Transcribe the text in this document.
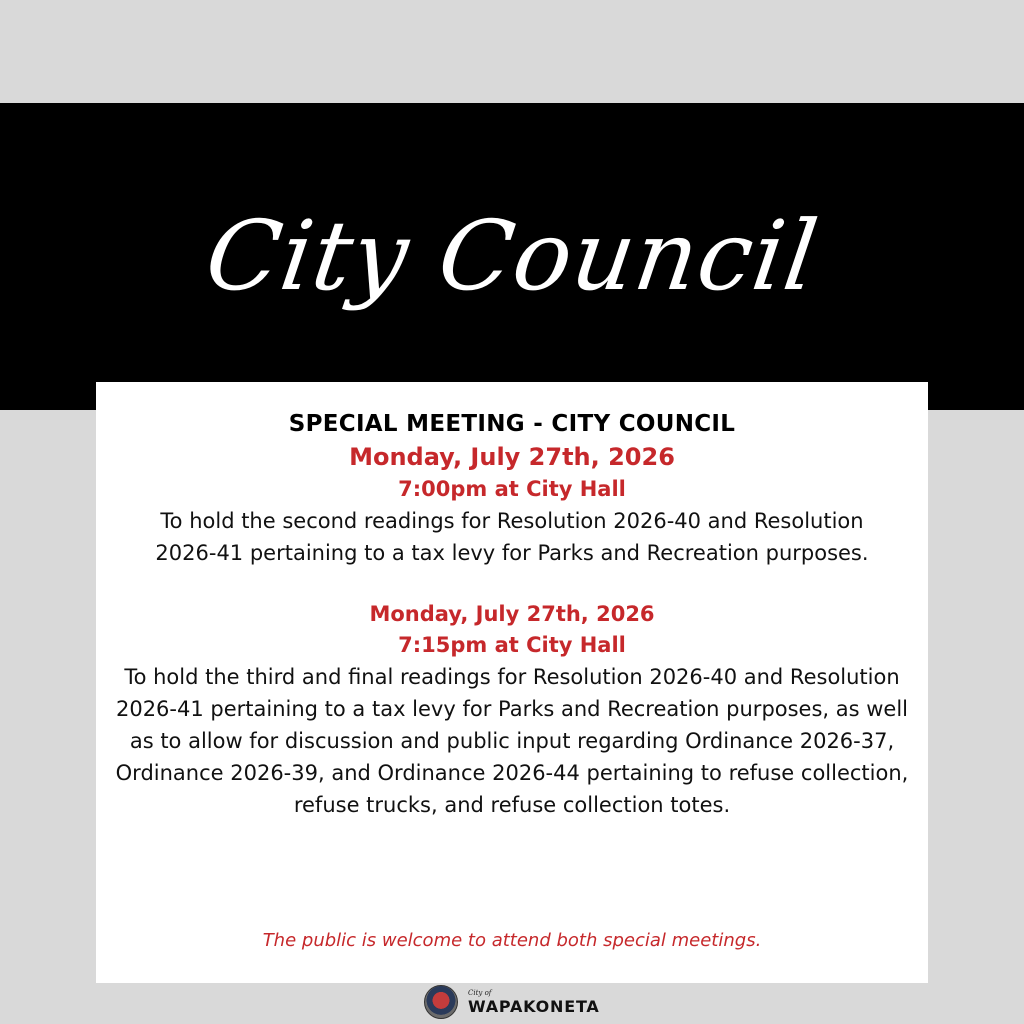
City Council

SPECIAL MEETING - CITY COUNCIL

Monday, July 27th, 2026

7:00pm at City Hall

To hold the second readings for Resolution 2026-40 and Resolution 2026-41 pertaining to a tax levy for Parks and Recreation purposes.

Monday, July 27th, 2026

7:15pm at City Hall

To hold the third and final readings for Resolution 2026-40 and Resolution 2026-41 pertaining to a tax levy for Parks and Recreation purposes, as well as to allow for discussion and public input regarding Ordinance 2026-37, Ordinance 2026-39, and Ordinance 2026-44 pertaining to refuse collection, refuse trucks, and refuse collection totes.

The public is welcome to attend both special meetings.

City of
WAPAKONETA
